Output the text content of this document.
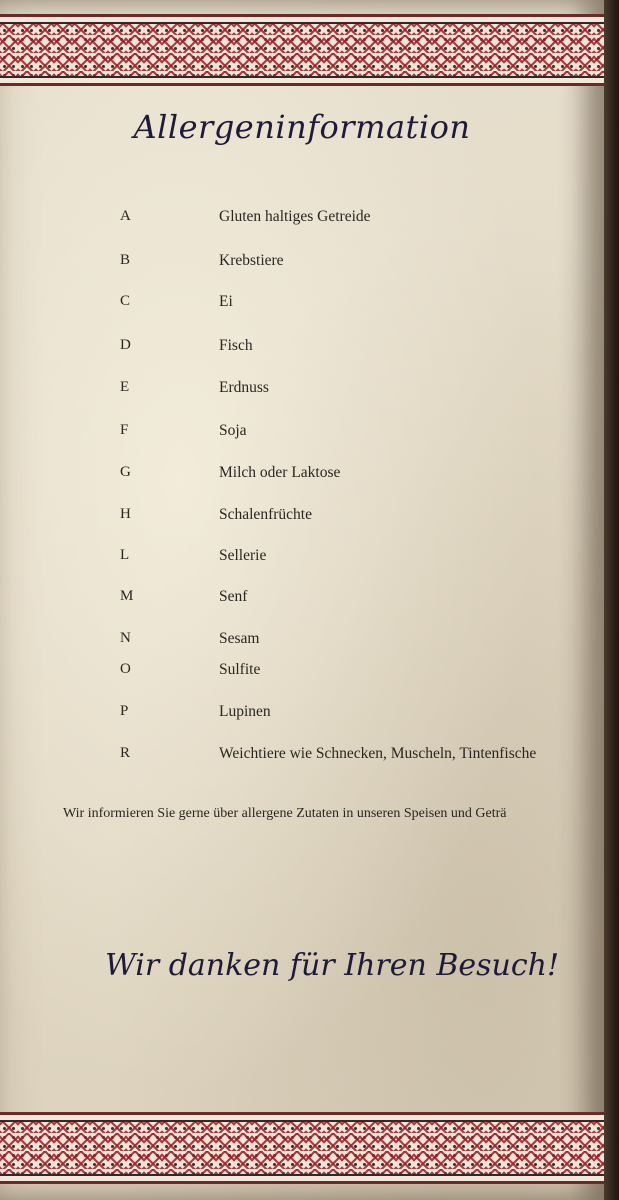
Allergeninformation
A	Gluten haltiges Getreide
B	Krebstiere
C	Ei
D	Fisch
E	Erdnuss
F	Soja
G	Milch oder Laktose
H	Schalenfrüchte
L	Sellerie
M	Senf
N	Sesam
O	Sulfite
P	Lupinen
R	Weichtiere wie Schnecken, Muscheln, Tintenfische
Wir informieren Sie gerne über allergene Zutaten in unseren Speisen und Geträ
Wir danken für Ihren Besuch!
